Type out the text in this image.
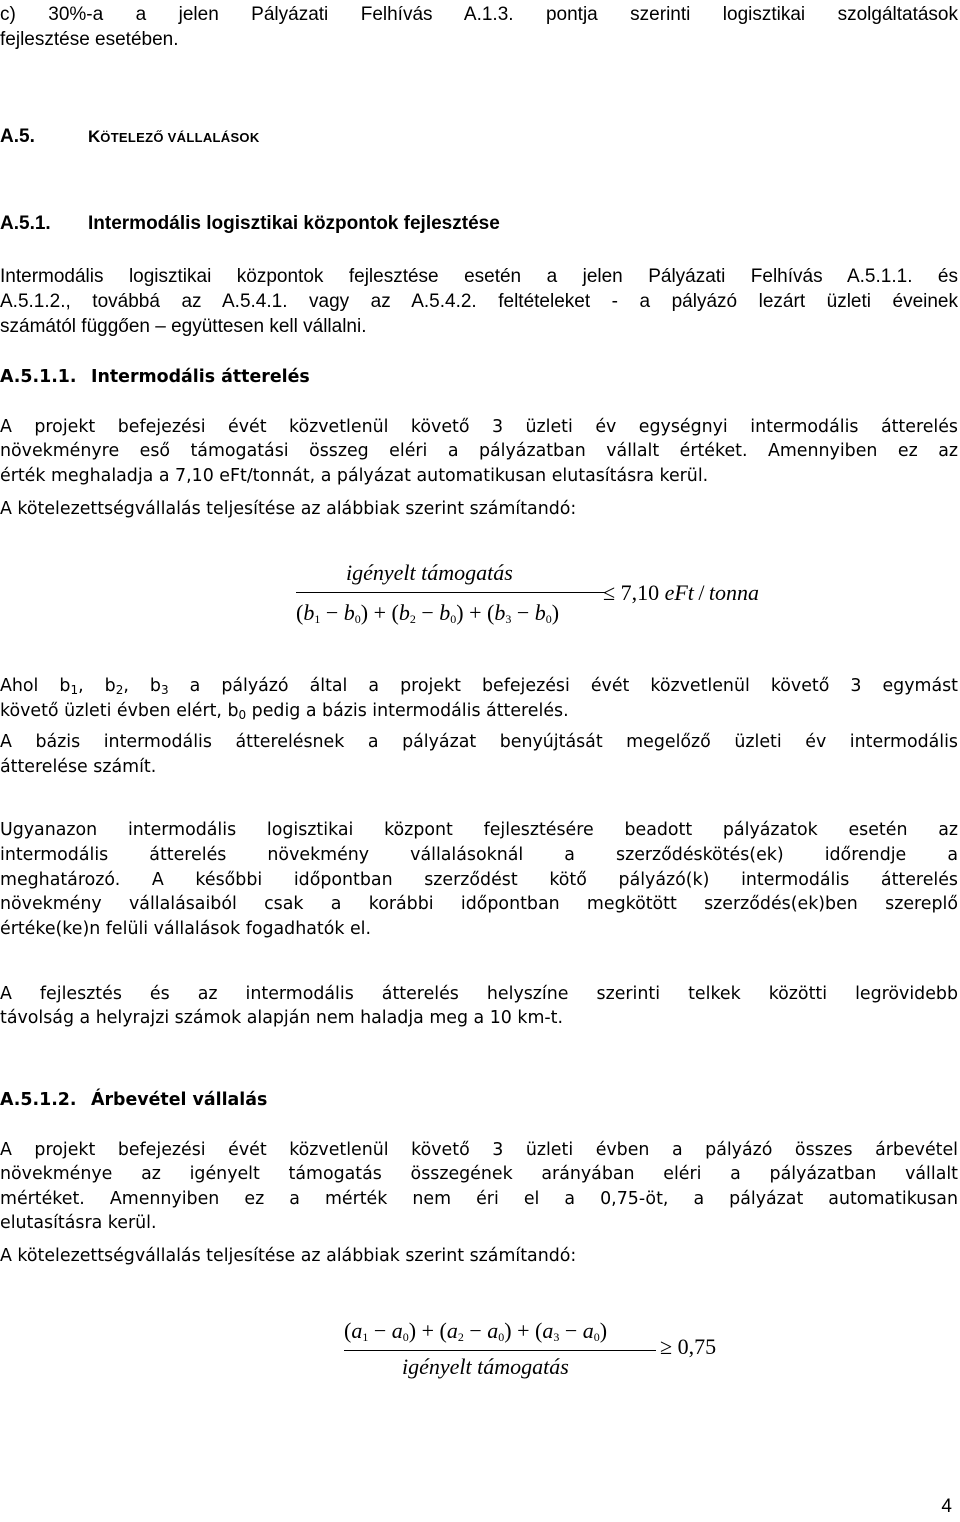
c) 30%-a a jelen Pályázati Felhívás A.1.3. pontja szerinti logisztikai szolgáltatások
fejlesztése esetében.
A.5.	KÖTELEZŐ VÁLLALÁSOK
A.5.1. Intermodális logisztikai központok fejlesztése
Intermodális logisztikai központok fejlesztése esetén a jelen Pályázati Felhívás A.5.1.1. és
A.5.1.2., továbbá az A.5.4.1. vagy az A.5.4.2. feltételeket - a pályázó lezárt üzleti éveinek
számától függően – együttesen kell vállalni.
A.5.1.1. Intermodális átterelés
A projekt befejezési évét közvetlenül követő 3 üzleti év egységnyi intermodális átterelés
növekményre eső támogatási összeg eléri a pályázatban vállalt értéket. Amennyiben ez az
érték meghaladja a 7,10 eFt/tonnát, a pályázat automatikusan elutasításra kerül.
A kötelezettségvállalás teljesítése az alábbiak szerint számítandó:
igényelt támogatás
$(b_1 - b_0) + (b_2 - b_0) + (b_3 - b_0)$
≤ 7,10 eFt  /  tonna
Ahol $b_1$, $b_2$, $b_3$ a pályázó által a projekt befejezési évét közvetlenül követő 3 egymást
követő üzleti évben elért, $b_0$ pedig a bázis intermodális átterelés.
A bázis intermodális átterelésnek a pályázat benyújtását megelőző üzleti év intermodális
átterelése számít.
Ugyanazon intermodális logisztikai központ fejlesztésére beadott pályázatok esetén az
intermodális átterelés növekmény vállalásoknál a szerződéskötés(ek) időrendje a
meghatározó. A későbbi időpontban szerződést kötő pályázó(k) intermodális átterelés
növekmény vállalásaiból csak a korábbi időpontban megkötött szerződés(ek)ben szereplő
értéke(ke)n felüli vállalások fogadhatók el.
A fejlesztés és az intermodális átterelés helyszíne szerinti telkek közötti legrövidebb
távolság a helyrajzi számok alapján nem haladja meg a 10 km-t.
A.5.1.2. Árbevétel vállalás
A projekt befejezési évét közvetlenül követő 3 üzleti évben a pályázó összes árbevétel
növekménye az igényelt támogatás összegének arányában eléri a pályázatban vállalt
mértéket. Amennyiben ez a mérték nem éri el a 0,75-öt, a pályázat automatikusan
elutasításra kerül.
A kötelezettségvállalás teljesítése az alábbiak szerint számítandó:
$(a_1 - a_0) + (a_2 - a_0) + (a_3 - a_0)$
igényelt támogatás
≥ 0,75
4
